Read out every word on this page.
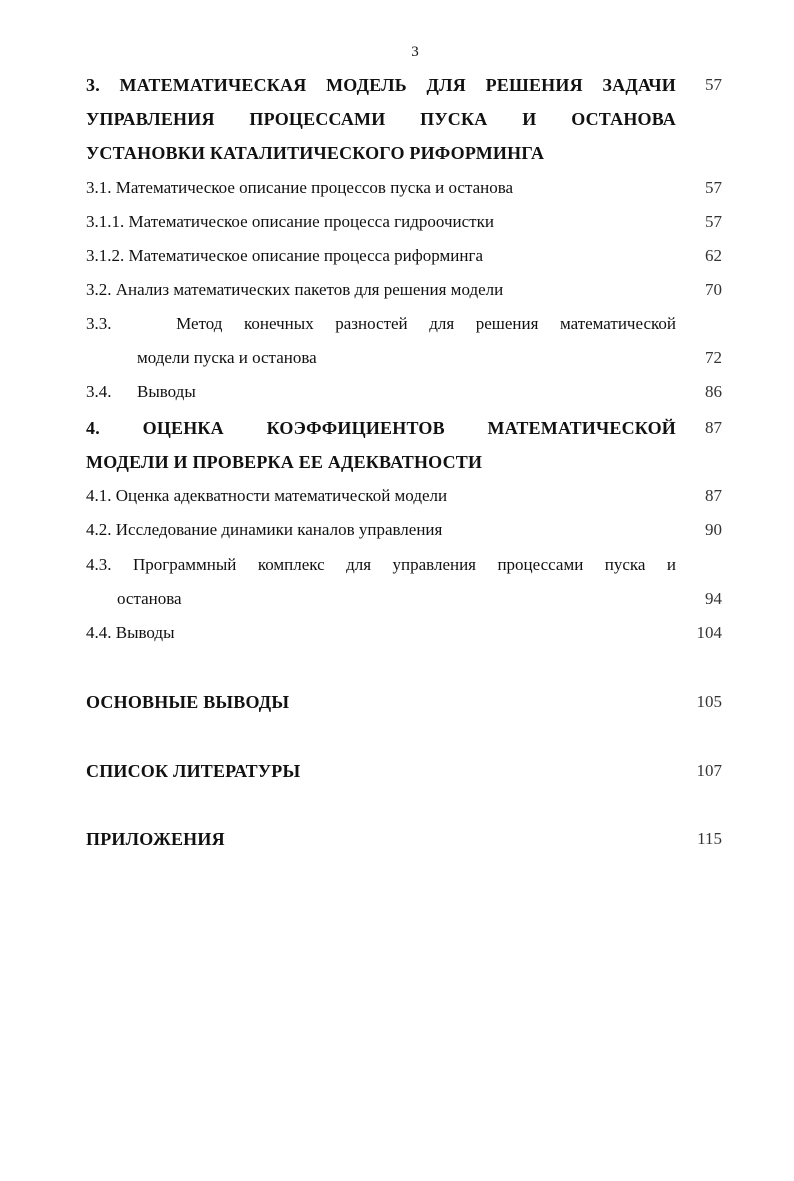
3
3. МАТЕМАТИЧЕСКАЯ МОДЕЛЬ ДЛЯ РЕШЕНИЯ ЗАДАЧИ	57
УПРАВЛЕНИЯ ПРОЦЕССАМИ ПУСКА И ОСТАНОВА
УСТАНОВКИ КАТАЛИТИЧЕСКОГО РИФОРМИНГА
3.1. Математическое описание процессов пуска и останова	57
3.1.1. Математическое описание процесса гидроочистки	57
3.1.2. Математическое описание процесса риформинга	62
3.2. Анализ математических пакетов для решения модели	70
3.3.   Метод конечных разностей для решения математической
модели пуска и останова	72
3.4.	Выводы	86
4. ОЦЕНКА КОЭФФИЦИЕНТОВ МАТЕМАТИЧЕСКОЙ	87
МОДЕЛИ И ПРОВЕРКА ЕЕ АДЕКВАТНОСТИ
4.1. Оценка адекватности математической модели	87
4.2. Исследование динамики каналов управления	90
4.3. Программный комплекс для управления процессами пуска и
останова	94
4.4. Выводы	104
ОСНОВНЫЕ ВЫВОДЫ	105
СПИСОК ЛИТЕРАТУРЫ	107
ПРИЛОЖЕНИЯ	115
